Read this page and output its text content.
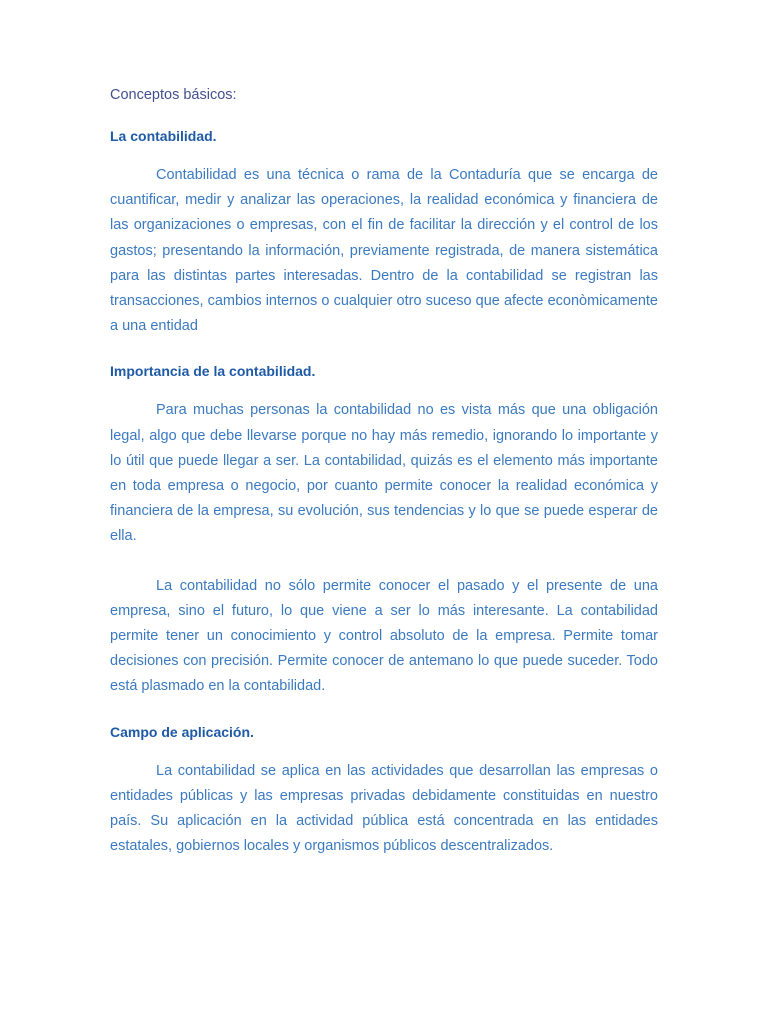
Conceptos básicos:

La contabilidad.

Contabilidad es una técnica o rama de la Contaduría que se encarga de cuantificar, medir y analizar las operaciones, la realidad económica y financiera de las organizaciones o empresas, con el fin de facilitar la dirección y el control de los gastos; presentando la información, previamente registrada, de manera sistemática para las distintas partes interesadas. Dentro de la contabilidad se registran las transacciones, cambios internos o cualquier otro suceso que afecte econòmicamente a una entidad

Importancia de la contabilidad.

Para muchas personas la contabilidad no es vista más que una obligación legal, algo que debe llevarse porque no hay más remedio, ignorando lo importante y lo útil que puede llegar a ser. La contabilidad, quizás es el elemento más importante en toda empresa o negocio, por cuanto permite conocer la realidad económica y financiera de la empresa, su evolución, sus tendencias y lo que se puede esperar de ella.

La contabilidad no sólo permite conocer el pasado y el presente de una empresa, sino el futuro, lo que viene a ser lo más interesante. La contabilidad permite tener un conocimiento y control absoluto de la empresa. Permite tomar decisiones con precisión. Permite conocer de antemano lo que puede suceder. Todo está plasmado en la contabilidad.

Campo de aplicación.

La contabilidad se aplica en las actividades que desarrollan las empresas o entidades públicas y las empresas privadas debidamente constituidas en nuestro país. Su aplicación en la actividad pública está concentrada en las entidades estatales, gobiernos locales y organismos públicos descentralizados.
